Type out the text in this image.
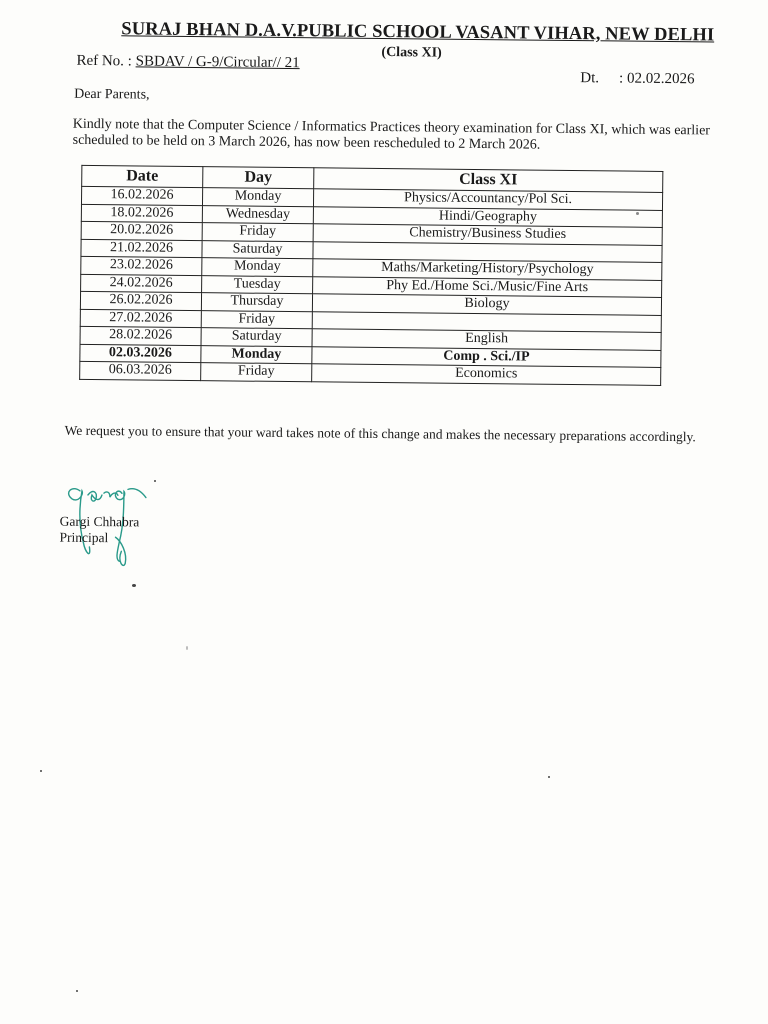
SURAJ BHAN D.A.V.PUBLIC SCHOOL VASANT VIHAR, NEW DELHI
(Class XI)
Ref No. : SBDAV / G-9/Circular// 21
Dt. : 02.02.2026
Dear Parents,
Kindly note that the Computer Science / Informatics Practices theory examination for Class XI, which was earlier scheduled to be held on 3 March 2026, has now been rescheduled to 2 March 2026.
Date	Day	Class XI
16.02.2026	Monday	Physics/Accountancy/Pol Sci.
18.02.2026	Wednesday	Hindi/Geography
20.02.2026	Friday	Chemistry/Business Studies
21.02.2026	Saturday	
23.02.2026	Monday	Maths/Marketing/History/Psychology
24.02.2026	Tuesday	Phy Ed./Home Sci./Music/Fine Arts
26.02.2026	Thursday	Biology
27.02.2026	Friday	
28.02.2026	Saturday	English
02.03.2026	Monday	Comp . Sci./IP
06.03.2026	Friday	Economics
We request you to ensure that your ward takes note of this change and makes the necessary preparations accordingly.
Gargi Chhabra
Principal
